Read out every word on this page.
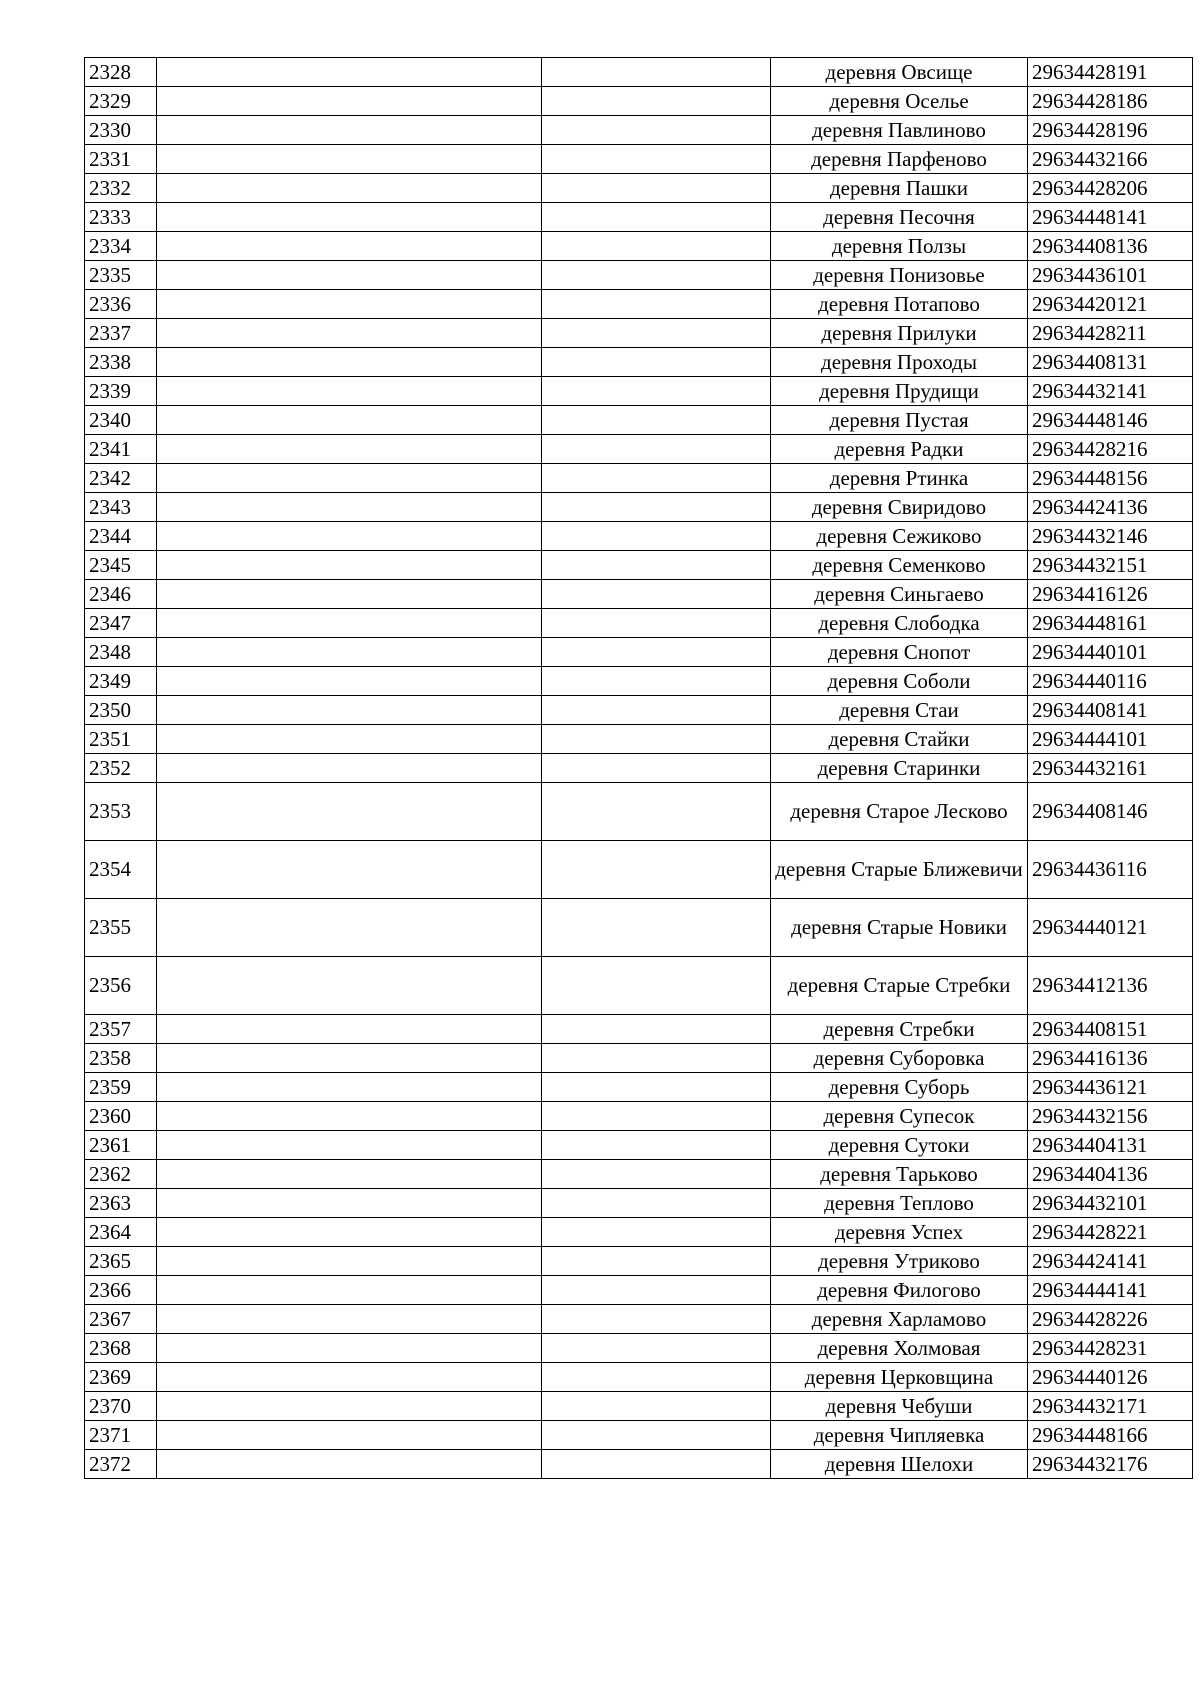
2328			деревня Овсище	29634428191
2329			деревня Оселье	29634428186
2330			деревня Павлиново	29634428196
2331			деревня Парфеново	29634432166
2332			деревня Пашки	29634428206
2333			деревня Песочня	29634448141
2334			деревня Ползы	29634408136
2335			деревня Понизовье	29634436101
2336			деревня Потапово	29634420121
2337			деревня Прилуки	29634428211
2338			деревня Проходы	29634408131
2339			деревня Прудищи	29634432141
2340			деревня Пустая	29634448146
2341			деревня Радки	29634428216
2342			деревня Ртинка	29634448156
2343			деревня Свиридово	29634424136
2344			деревня Сежиково	29634432146
2345			деревня Семенково	29634432151
2346			деревня Синьгаево	29634416126
2347			деревня Слободка	29634448161
2348			деревня Снопот	29634440101
2349			деревня Соболи	29634440116
2350			деревня Стаи	29634408141
2351			деревня Стайки	29634444101
2352			деревня Старинки	29634432161
2353			деревня Старое Лесково	29634408146
2354			деревня Старые Ближевичи	29634436116
2355			деревня Старые Новики	29634440121
2356			деревня Старые Стребки	29634412136
2357			деревня Стребки	29634408151
2358			деревня Суборовка	29634416136
2359			деревня Суборь	29634436121
2360			деревня Супесок	29634432156
2361			деревня Сутоки	29634404131
2362			деревня Тарьково	29634404136
2363			деревня Теплово	29634432101
2364			деревня Успех	29634428221
2365			деревня Утриково	29634424141
2366			деревня Филогово	29634444141
2367			деревня Харламово	29634428226
2368			деревня Холмовая	29634428231
2369			деревня Церковщина	29634440126
2370			деревня Чебуши	29634432171
2371			деревня Чипляевка	29634448166
2372			деревня Шелохи	29634432176
